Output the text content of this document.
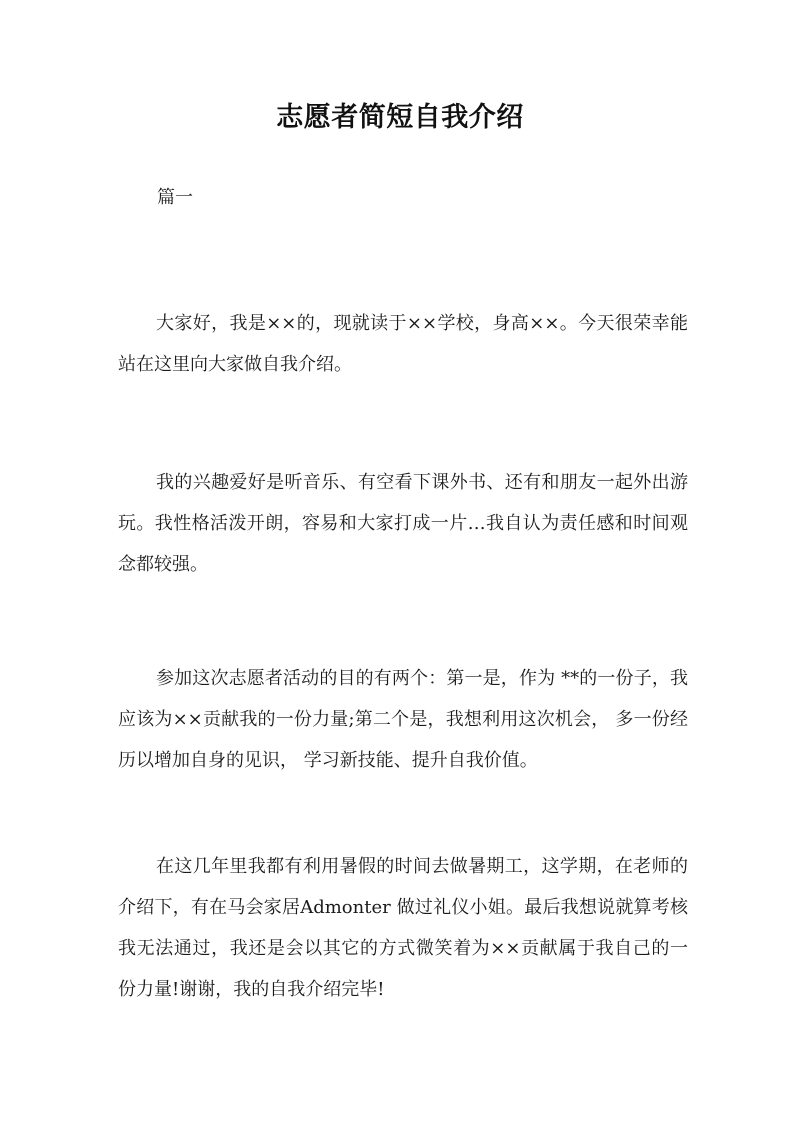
志愿者简短自我介绍
篇一

大家好，我是××的，现就读于××学校，身高××。今天很荣幸能站在这里向大家做自我介绍。

我的兴趣爱好是听音乐、有空看下课外书、还有和朋友一起外出游玩。我性格活泼开朗，容易和大家打成一片…我自认为责任感和时间观念都较强。

参加这次志愿者活动的目的有两个：第一是，作为 **的一份子，我应该为××贡献我的一份力量;第二个是，我想利用这次机会， 多一份经历以增加自身的见识， 学习新技能、提升自我价值。

在这几年里我都有利用暑假的时间去做暑期工，这学期，在老师的介绍下，有在马会家居Admonter 做过礼仪小姐。最后我想说就算考核我无法通过，我还是会以其它的方式微笑着为××贡献属于我自己的一份力量!谢谢，我的自我介绍完毕!
